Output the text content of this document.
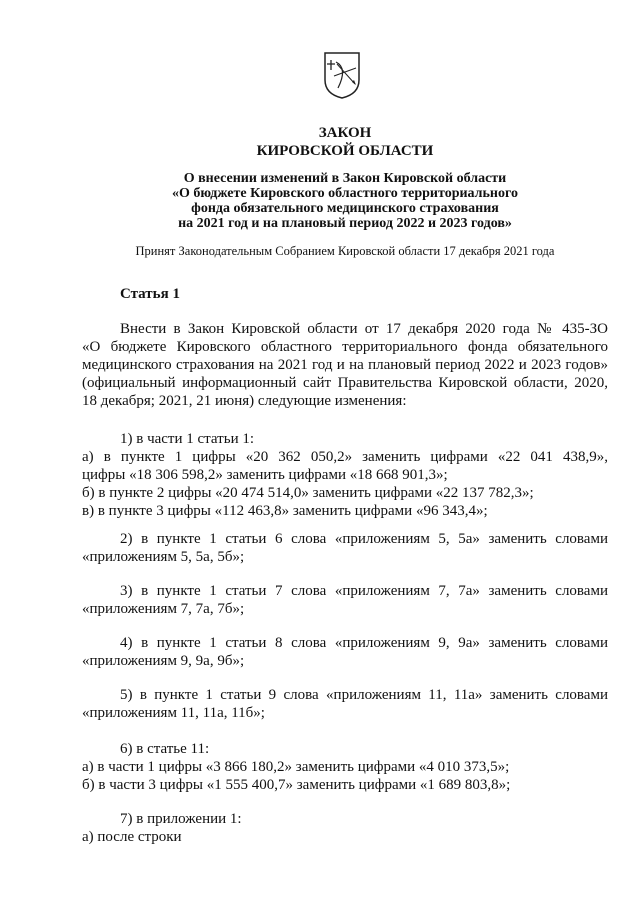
ЗАКОН
КИРОВСКОЙ ОБЛАСТИ
О внесении изменений в Закон Кировской области
«О бюджете Кировского областного территориального
фонда обязательного медицинского страхования
на 2021 год и на плановый период 2022 и 2023 годов»
Принят Законодательным Собранием Кировской области 17 декабря 2021 года
Статья 1
Внести в Закон Кировской области от 17 декабря 2020 года № 435-ЗО
«О бюджете Кировского областного территориального фонда обязательного
медицинского страхования на 2021 год и на плановый период 2022 и 2023 годов»
(официальный информационный сайт Правительства Кировской области, 2020,
18 декабря; 2021, 21 июня) следующие изменения:
1) в части 1 статьи 1:
а) в пункте 1 цифры «20 362 050,2» заменить цифрами «22 041 438,9»,
цифры «18 306 598,2» заменить цифрами «18 668 901,3»;
б) в пункте 2 цифры «20 474 514,0» заменить цифрами «22 137 782,3»;
в) в пункте 3 цифры «112 463,8» заменить цифрами «96 343,4»;
2) в пункте 1 статьи 6 слова «приложениям 5, 5а» заменить словами
«приложениям 5, 5а, 5б»;
3) в пункте 1 статьи 7 слова «приложениям 7, 7а» заменить словами
«приложениям 7, 7а, 7б»;
4) в пункте 1 статьи 8 слова «приложениям 9, 9а» заменить словами
«приложениям 9, 9а, 9б»;
5) в пункте 1 статьи 9 слова «приложениям 11, 11а» заменить словами
«приложениям 11, 11а, 11б»;
6) в статье 11:
а) в части 1 цифры «3 866 180,2» заменить цифрами «4 010 373,5»;
б) в части 3 цифры «1 555 400,7» заменить цифрами «1 689 803,8»;
7) в приложении 1:
а) после строки
